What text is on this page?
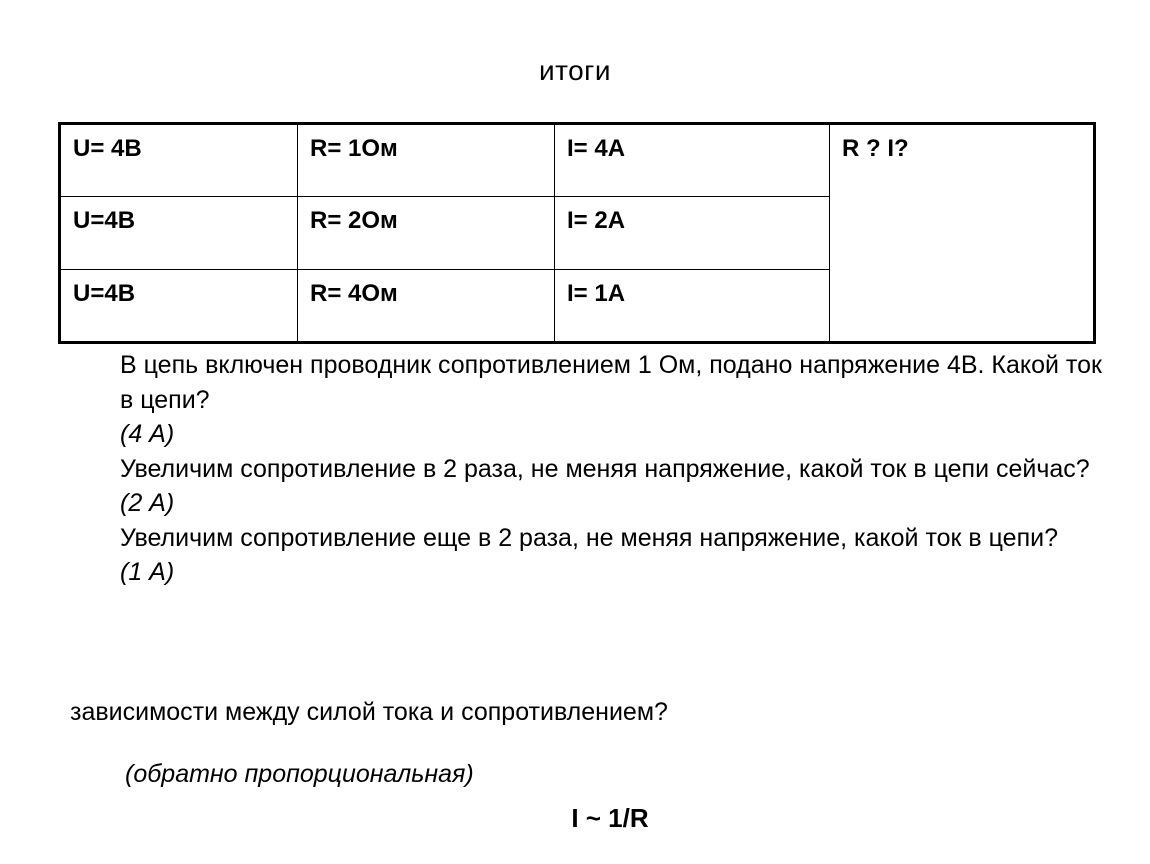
итоги
U= 4В	R= 1Ом	I= 4А	R ? I?
U=4В	R= 2Ом	I= 2А	
U=4В	R= 4Ом	I= 1А	

В цепь включен проводник сопротивлением 1 Ом, подано напряжение 4В. Какой ток в цепи?

(4 А)

Увеличим сопротивление в 2 раза, не меняя напряжение, какой ток в цепи сейчас?

(2 А)

Увеличим сопротивление еще в 2 раза, не меняя напряжение, какой ток в цепи?

(1 А)

зависимости между силой тока и сопротивлением?
(обратно пропорциональная)
I ~ 1/R
